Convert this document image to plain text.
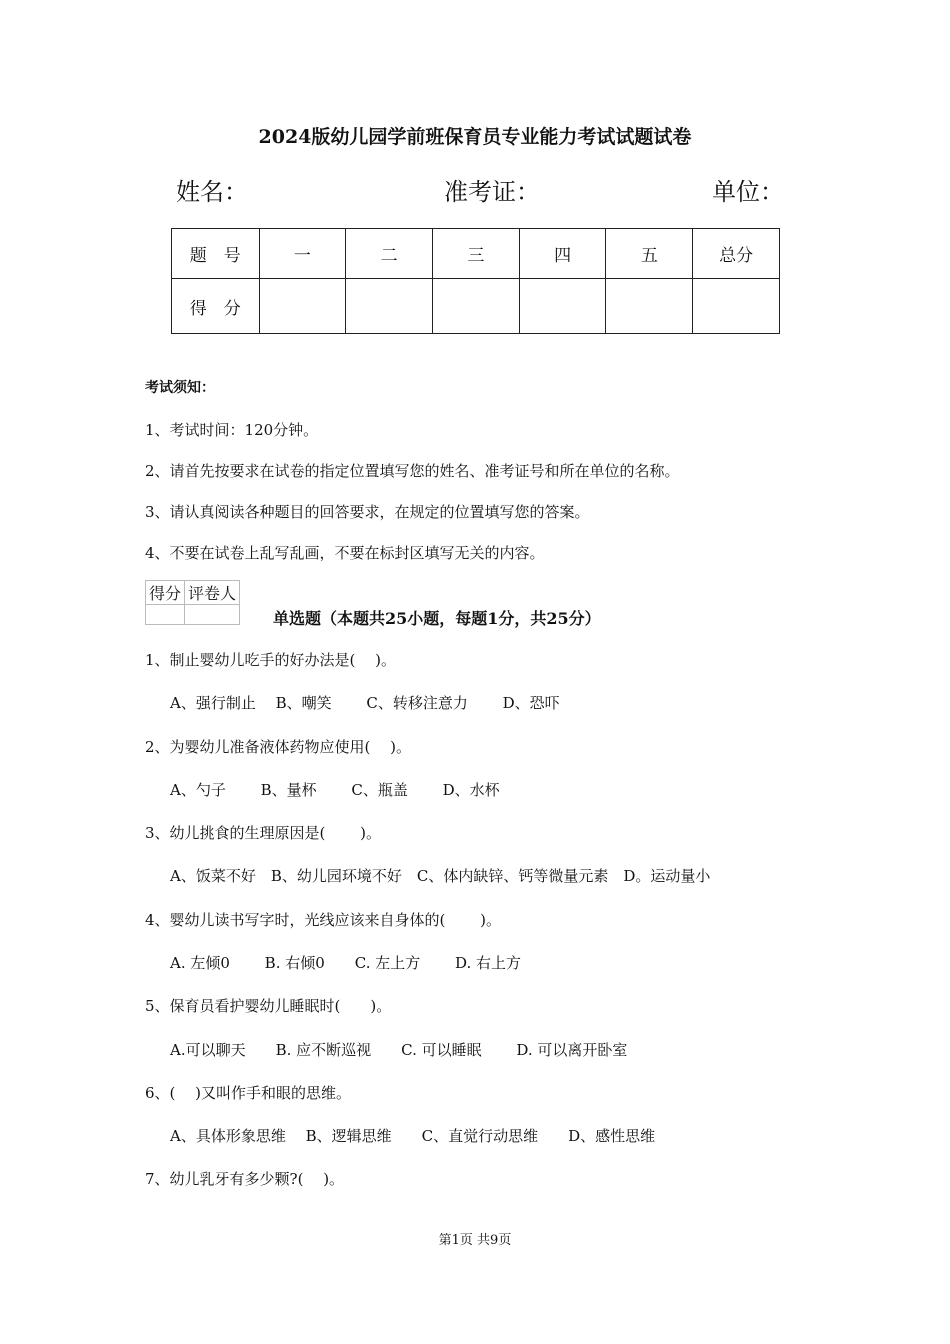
2024版幼儿园学前班保育员专业能力考试试题试卷
姓名：	准考证：	单位：
题　号	一	二	三	四	五	总分
得　分						
考试须知：
1、考试时间：120分钟。
2、请首先按要求在试卷的指定位置填写您的姓名、准考证号和所在单位的名称。
3、请认真阅读各种题目的回答要求，在规定的位置填写您的答案。
4、不要在试卷上乱写乱画，不要在标封区填写无关的内容。
得分	评卷人

单选题（本题共25小题，每题1分，共25分）
1、制止婴幼儿吃手的好办法是(　 )。
A、强行制止　 B、嘲笑　　 C、转移注意力　　 D、恐吓
2、为婴幼儿准备液体药物应使用(　 )。
A、勺子　　 B、量杯　　 C、瓶盖　　 D、水杯
3、幼儿挑食的生理原因是(　　 )。
A、饭菜不好　B、幼儿园环境不好　C、体内缺锌、钙等微量元素　D。运动量小
4、婴幼儿读书写字时，光线应该来自身体的(　　 )。
A. 左倾0　　 B. 右倾0　　C. 左上方　　 D. 右上方
5、保育员看护婴幼儿睡眠时(　　)。
A.可以聊天　　B. 应不断巡视　　C. 可以睡眠　　 D. 可以离开卧室
6、(　 )又叫作手和眼的思维。
A、具体形象思维　 B、逻辑思维　　C、直觉行动思维　　D、感性思维
7、幼儿乳牙有多少颗?(　 )。
第1页 共9页
